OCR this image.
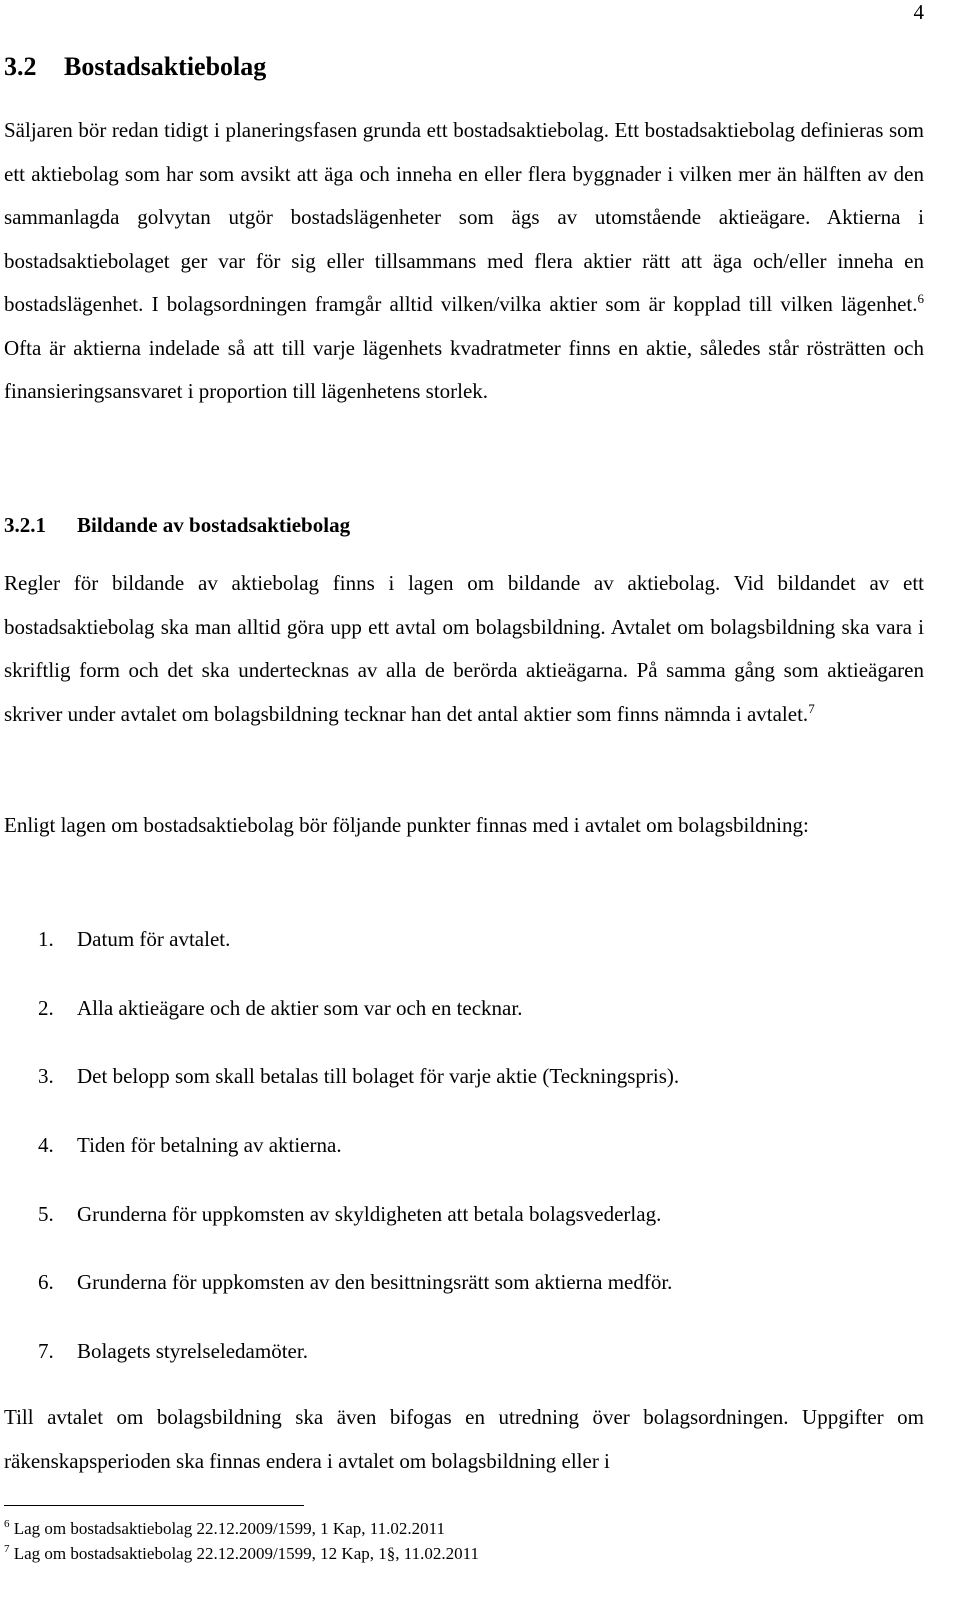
4
3.2 Bostadsaktiebolag

Säljaren bör redan tidigt i planeringsfasen grunda ett bostadsaktiebolag. Ett bostadsaktiebolag definieras som ett aktiebolag som har som avsikt att äga och inneha en eller flera byggnader i vilken mer än hälften av den sammanlagda golvytan utgör bostadslägenheter som ägs av utomstående aktieägare. Aktierna i bostadsaktiebolaget ger var för sig eller tillsammans med flera aktier rätt att äga och/eller inneha en bostadslägenhet. I bolagsordningen framgår alltid vilken/vilka aktier som är kopplad till vilken lägenhet.$^6$ Ofta är aktierna indelade så att till varje lägenhets kvadratmeter finns en aktie, således står rösträtten och finansieringsansvaret i proportion till lägenhetens storlek.

3.2.1 Bildande av bostadsaktiebolag

Regler för bildande av aktiebolag finns i lagen om bildande av aktiebolag. Vid bildandet av ett bostadsaktiebolag ska man alltid göra upp ett avtal om bolagsbildning. Avtalet om bolagsbildning ska vara i skriftlig form och det ska undertecknas av alla de berörda aktieägarna. På samma gång som aktieägaren skriver under avtalet om bolagsbildning tecknar han det antal aktier som finns nämnda i avtalet.$^7$

Enligt lagen om bostadsaktiebolag bör följande punkter finnas med i avtalet om bolagsbildning:

1. Datum för avtalet.
2. Alla aktieägare och de aktier som var och en tecknar.
3. Det belopp som skall betalas till bolaget för varje aktie (Teckningspris).
4. Tiden för betalning av aktierna.
5. Grunderna för uppkomsten av skyldigheten att betala bolagsvederlag.
6. Grunderna för uppkomsten av den besittningsrätt som aktierna medför.
7. Bolagets styrelseledamöter.

Till avtalet om bolagsbildning ska även bifogas en utredning över bolagsordningen. Uppgifter om räkenskapsperioden ska finnas endera i avtalet om bolagsbildning eller i

$^6$ Lag om bostadsaktiebolag 22.12.2009/1599, 1 Kap, 11.02.2011
$^7$ Lag om bostadsaktiebolag 22.12.2009/1599, 12 Kap, 1§, 11.02.2011
